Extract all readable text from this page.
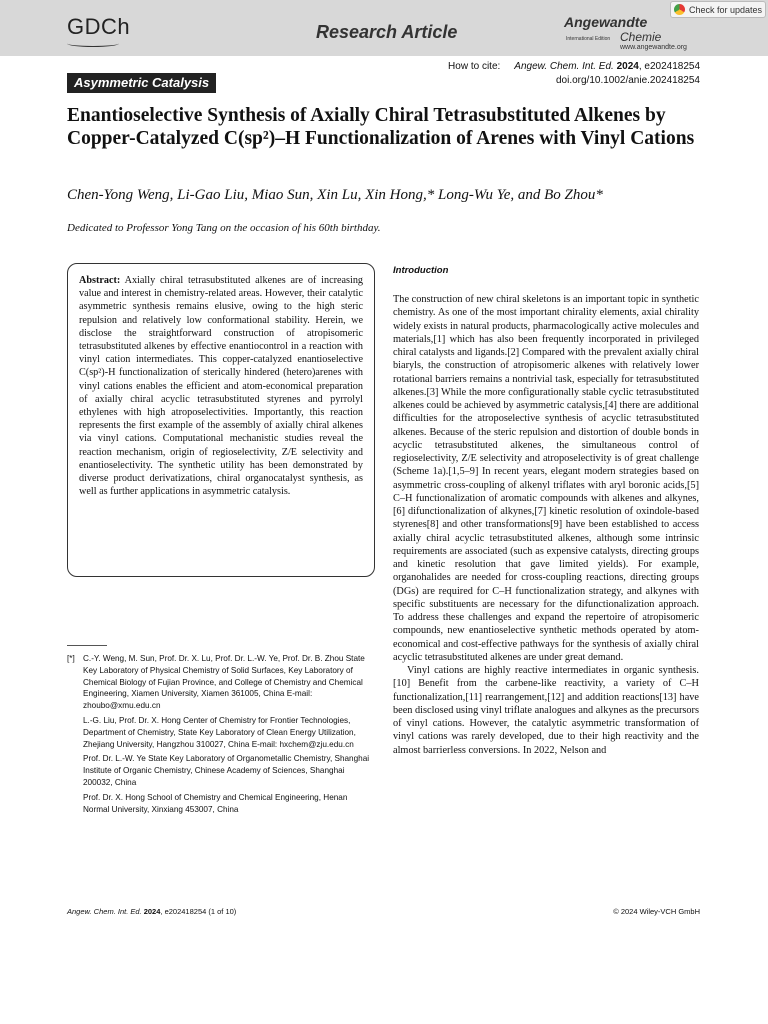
GDCh	Research Article	Angewandte
International Edition Chemie
www.angewandte.org
Check for updates
How to cite: Angew. Chem. Int. Ed. 2024, e202418254
doi.org/10.1002/anie.202418254
Asymmetric Catalysis
Enantioselective Synthesis of Axially Chiral Tetrasubstituted Alkenes by Copper-Catalyzed C(sp²)–H Functionalization of Arenes with Vinyl Cations
Chen-Yong Weng, Li-Gao Liu, Miao Sun, Xin Lu, Xin Hong,* Long-Wu Ye, and Bo Zhou*
Dedicated to Professor Yong Tang on the occasion of his 60th birthday.
Abstract: Axially chiral tetrasubstituted alkenes are of increasing value and interest in chemistry-related areas. However, their catalytic asymmetric synthesis remains elusive, owing to the high steric repulsion and relatively low conformational stability. Herein, we disclose the straightforward construction of atropisomeric tetrasubstituted alkenes by effective enantiocontrol in a reaction with vinyl cation intermediates. This copper-catalyzed enantioselective C(sp²)-H functionalization of sterically hindered (hetero)arenes with vinyl cations enables the efficient and atom-economical preparation of axially chiral acyclic tetrasubstituted styrenes and pyrrolyl ethylenes with high atroposelectivities. Importantly, this reaction represents the first example of the assembly of axially chiral alkenes via vinyl cations. Computational mechanistic studies reveal the reaction mechanism, origin of regioselectivity, Z/E selectivity and enantioselectivity. The synthetic utility has been demonstrated by diverse product derivatizations, chiral organocatalyst synthesis, as well as further applications in asymmetric catalysis.
[*] C.-Y. Weng, M. Sun, Prof. Dr. X. Lu, Prof. Dr. L.-W. Ye, Prof. Dr. B. Zhou State Key Laboratory of Physical Chemistry of Solid Surfaces, Key Laboratory of Chemical Biology of Fujian Province, and College of Chemistry and Chemical Engineering, Xiamen University, Xiamen 361005, China E-mail: zhoubo@xmu.edu.cn
L.-G. Liu, Prof. Dr. X. Hong Center of Chemistry for Frontier Technologies, Department of Chemistry, State Key Laboratory of Clean Energy Utilization, Zhejiang University, Hangzhou 310027, China E-mail: hxchem@zju.edu.cn
Prof. Dr. L.-W. Ye State Key Laboratory of Organometallic Chemistry, Shanghai Institute of Organic Chemistry, Chinese Academy of Sciences, Shanghai 200032, China
Prof. Dr. X. Hong School of Chemistry and Chemical Engineering, Henan Normal University, Xinxiang 453007, China
Introduction

The construction of new chiral skeletons is an important topic in synthetic chemistry. As one of the most important chirality elements, axial chirality widely exists in natural products, pharmacologically active molecules and materials,[1] which has also been frequently incorporated in privileged chiral catalysts and ligands.[2] Compared with the prevalent axially chiral biaryls, the construction of atropisomeric alkenes with relatively lower rotational barriers remains a nontrivial task, especially for tetrasubstituted alkenes.[3] While the more configurationally stable cyclic tetrasubstituted alkenes could be achieved by asymmetric catalysis,[4] there are additional difficulties for the atroposelective synthesis of acyclic tetrasubstituted alkenes. Because of the steric repulsion and distortion of double bonds in acyclic tetrasubstituted alkenes, the simultaneous control of regioselectivity, Z/E selectivity and atroposelectivity is of great challenge (Scheme 1a).[1,5–9] In recent years, elegant modern strategies based on asymmetric cross-coupling of alkenyl triflates with aryl boronic acids,[5] C–H functionalization of aromatic compounds with alkenes and alkynes,[6] difunctionalization of alkynes,[7] kinetic resolution of oxindole-based styrenes[8] and other transformations[9] have been established to access axially chiral acyclic tetrasubstituted alkenes, although some intrinsic requirements are associated (such as expensive catalysts, directing groups and kinetic resolution that gave limited yields). For example, organohalides are needed for cross-coupling reactions, directing groups (DGs) are required for C–H functionalization strategy, and alkynes with specific substituents are necessary for the difunctionalization approach. To address these challenges and expand the repertoire of atropisomeric compounds, new enantioselective synthetic methods operated by atom-economical and cost-effective pathways for the synthesis of axially chiral acyclic tetrasubstituted alkenes are under great demand.

Vinyl cations are highly reactive intermediates in organic synthesis.[10] Benefit from the carbene-like reactivity, a variety of C–H functionalization,[11] rearrangement,[12] and addition reactions[13] have been disclosed using vinyl triflate analogues and alkynes as the precursors of vinyl cations. However, the catalytic asymmetric transformation of vinyl cations was rarely developed, due to their high reactivity and the almost barrierless conversions. In 2022, Nelson and

Angew. Chem. Int. Ed. 2024, e202418254 (1 of 10)	© 2024 Wiley-VCH GmbH
